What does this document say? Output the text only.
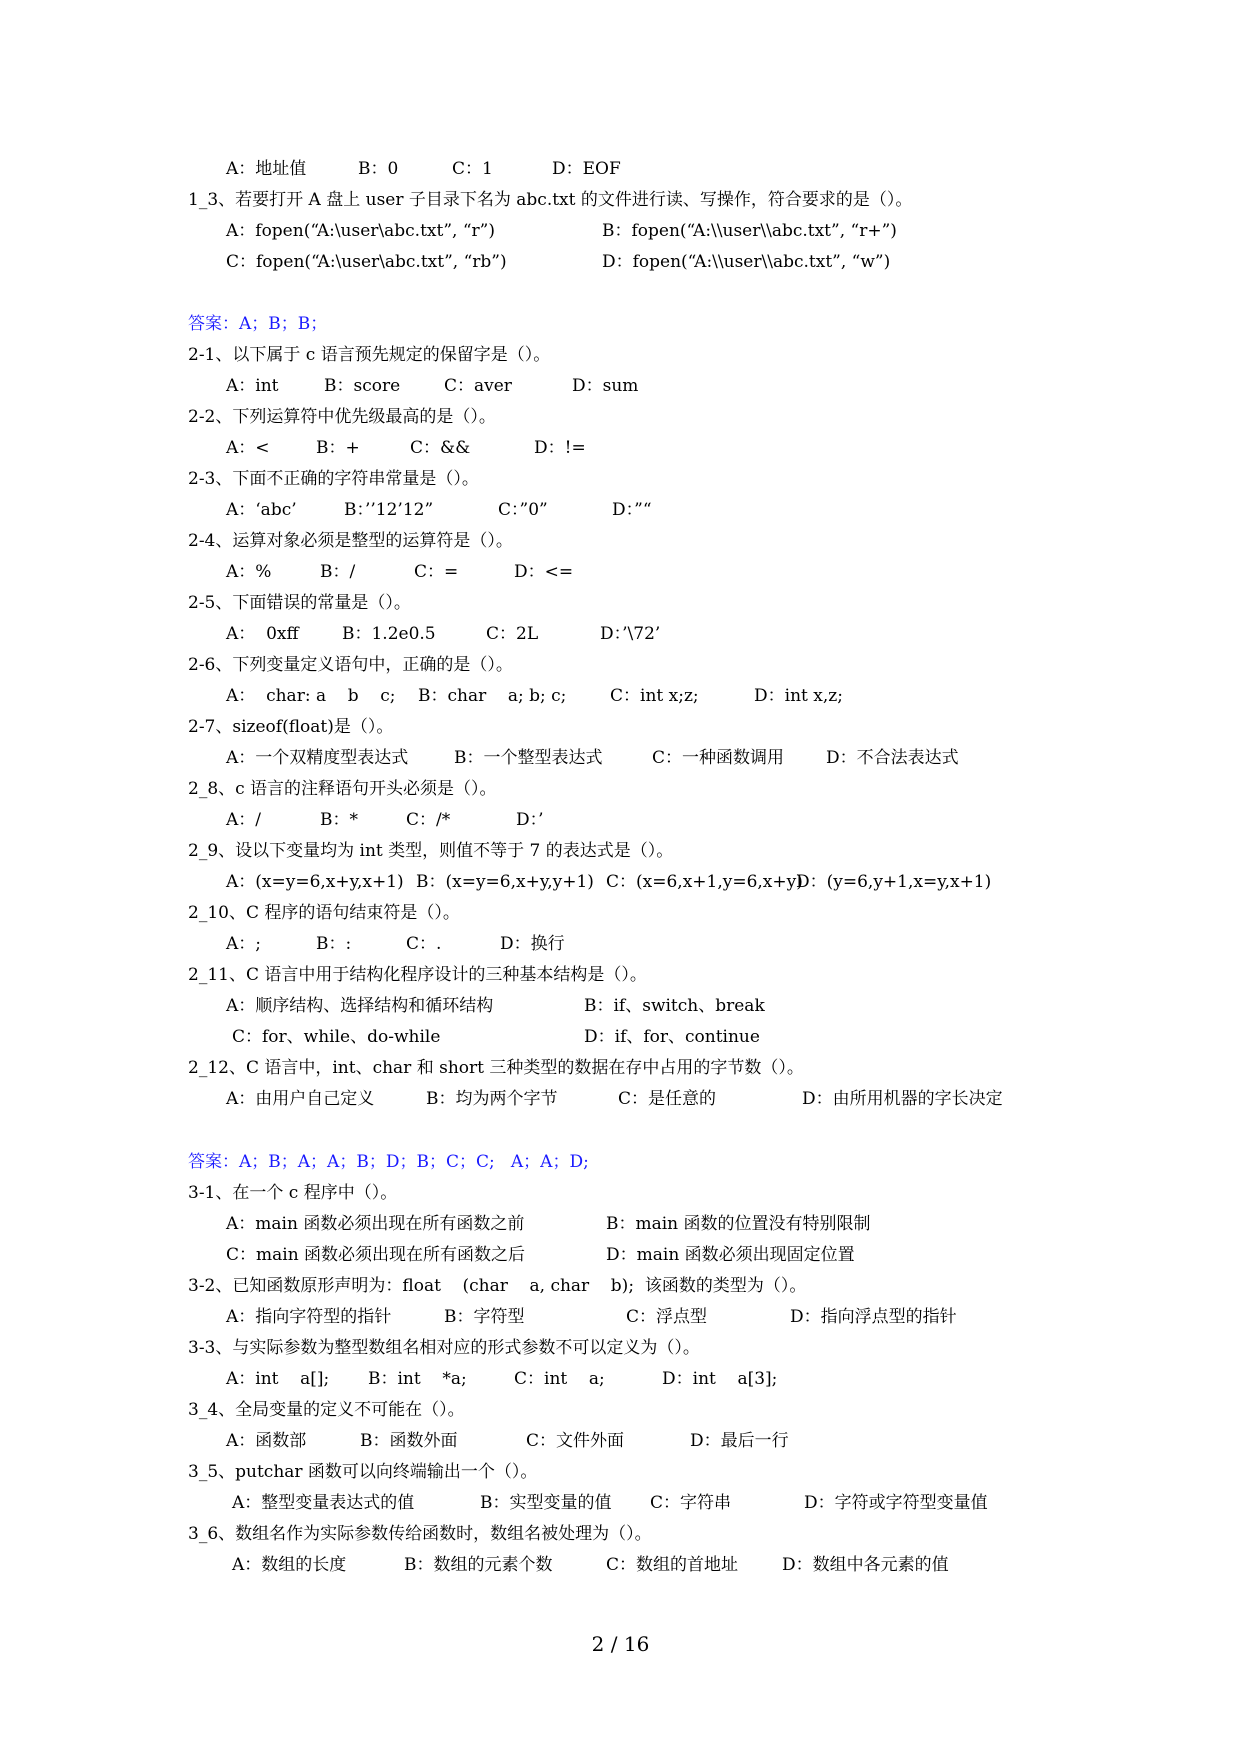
A：地址值	B：0	C：1	D：EOF
1_3、若要打开 A 盘上 user 子目录下名为 abc.txt 的文件进行读、写操作，符合要求的是（）。
A：fopen(“A:\user\abc.txt”, “r”)	B：fopen(“A:\\user\\abc.txt”, “r+”)
C：fopen(“A:\user\abc.txt”, “rb”)	D：fopen(“A:\\user\\abc.txt”, “w”)
答案：A；B；B；
2-1、以下属于 c 语言预先规定的保留字是（）。
A：int	B：score	C：aver	D：sum
2-2、下列运算符中优先级最高的是（）。
A：<	B：+	C：&&	D：!=
2-3、下面不正确的字符串常量是（）。
A：‘abc’	B：’’12’12”	C：”0”	D：”“
2-4、运算对象必须是整型的运算符是（）。
A：%	B：/	C：=	D：<=
2-5、下面错误的常量是（）。
A：  0xff	B：1.2e0.5	C：2L	D：’\72’
2-6、下列变量定义语句中，正确的是（）。
A：  char: a    b    c; B：char    a; b; c;	C：int x;z;	D：int x,z;
2-7、sizeof(float)是（）。
A：一个双精度型表达式	B：一个整型表达式	C：一种函数调用 D：不合法表达式
2_8、c 语言的注释语句开头必须是（）。
A：/	B：*	C：/*	D：’
2_9、设以下变量均为 int 类型，则值不等于 7 的表达式是（）。
A：(x=y=6,x+y,x+1) B：(x=y=6,x+y,y+1) C：(x=6,x+1,y=6,x+y)
D：(y=6,y+1,x=y,x+1)
2_10、C 程序的语句结束符是（）。
A：;	B：:	C：.	D：换行
2_11、C 语言中用于结构化程序设计的三种基本结构是（）。
A：顺序结构、选择结构和循环结构	B：if、switch、break
C：for、while、do-while	D：if、for、continue
2_12、C 语言中，int、char 和 short 三种类型的数据在存中占用的字节数（）。
A：由用户自己定义	B：均为两个字节	C：是任意的	D：由所用机器的字长决定
答案：A；B；A；A；B；D；B；C；C;   A；A；D;
3-1、在一个 c 程序中（）。
A：main 函数必须出现在所有函数之前	B：main 函数的位置没有特别限制
C：main 函数必须出现在所有函数之后	D：main 函数必须出现固定位置
3-2、已知函数原形声明为：float    (char    a, char    b);  该函数的类型为（）。
A：指向字符型的指针	B：字符型	C：浮点型	D：指向浮点型的指针
3-3、与实际参数为整型数组名相对应的形式参数不可以定义为（）。
A：int    a[]; B：int    *a;	C：int    a;	D：int    a[3];
3_4、全局变量的定义不可能在（）。
A：函数部	B：函数外面	C：文件外面	D：最后一行
3_5、putchar 函数可以向终端输出一个（）。
A：整型变量表达式的值	B：实型变量的值 C：字符串	D：字符或字符型变量值
3_6、数组名作为实际参数传给函数时，数组名被处理为（）。
A：数组的长度	B：数组的元素个数	C：数组的首地址	D：数组中各元素的值
2 / 16
